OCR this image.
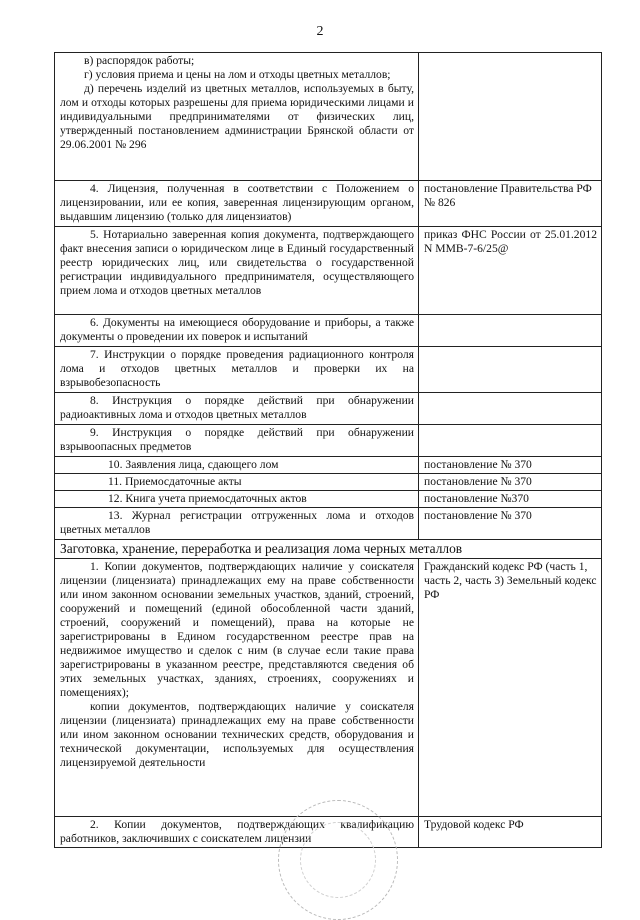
2
в) распорядок работы;
г) условия приема и цены на лом и отходы цветных металлов;
д) перечень изделий из цветных металлов, используемых в быту, лом и отходы которых разрешены для приема юридическими лицами и индивидуальными предпринимателями от физических лиц, утвержденный постановлением администрации Брянской области от 29.06.2001 № 296	

4. Лицензия, полученная в соответствии с Положением о лицензировании, или ее копия, заверенная лицензирующим органом, выдавшим лицензию (только для лицензиатов)	постановление Правительства РФ № 826

5. Нотариально заверенная копия документа, подтверждающего факт внесения записи о юридическом лице в Единый государственный реестр юридических лиц, или свидетельства о государственной регистрации индивидуального предпринимателя, осуществляющего прием лома и отходов цветных металлов	приказ ФНС России от 25.01.2012 N ММВ-7-6/25@

6. Документы на имеющиеся оборудование и приборы, а также документы о проведении их поверок и испытаний	

7. Инструкции о порядке проведения радиационного контроля лома и отходов цветных металлов и проверки их на взрывобезопасность	

8. Инструкция о порядке действий при обнаружении радиоактивных лома и отходов цветных металлов	

9. Инструкция о порядке действий при обнаружении взрывоопасных предметов	

10. Заявления лица, сдающего лом	постановление № 370

11. Приемосдаточные акты	постановление № 370

12. Книга учета приемосдаточных актов	постановление №370

13. Журнал регистрации отгруженных лома и отходов цветных металлов	постановление № 370
Заготовка, хранение, переработка и реализация лома черных металлов	

1. Копии документов, подтверждающих наличие у соискателя лицензии (лицензиата) принадлежащих ему на праве собственности или ином законном основании земельных участков, зданий, строений, сооружений и помещений (единой обособленной части зданий, строений, сооружений и помещений), права на которые не зарегистрированы в Едином государственном реестре прав на недвижимое имущество и сделок с ним (в случае если такие права зарегистрированы в указанном реестре, представляются сведения об этих земельных участках, зданиях, строениях, сооружениях и помещениях);
копии документов, подтверждающих наличие у соискателя лицензии (лицензиата) принадлежащих ему на праве собственности или ином законном основании технических средств, оборудования и технической документации, используемых для осуществления лицензируемой деятельности	Гражданский кодекс РФ (часть 1, часть 2, часть 3) Земельный кодекс РФ

2. Копии документов, подтверждающих квалификацию работников, заключивших с соискателем лицензии	Трудовой кодекс РФ
